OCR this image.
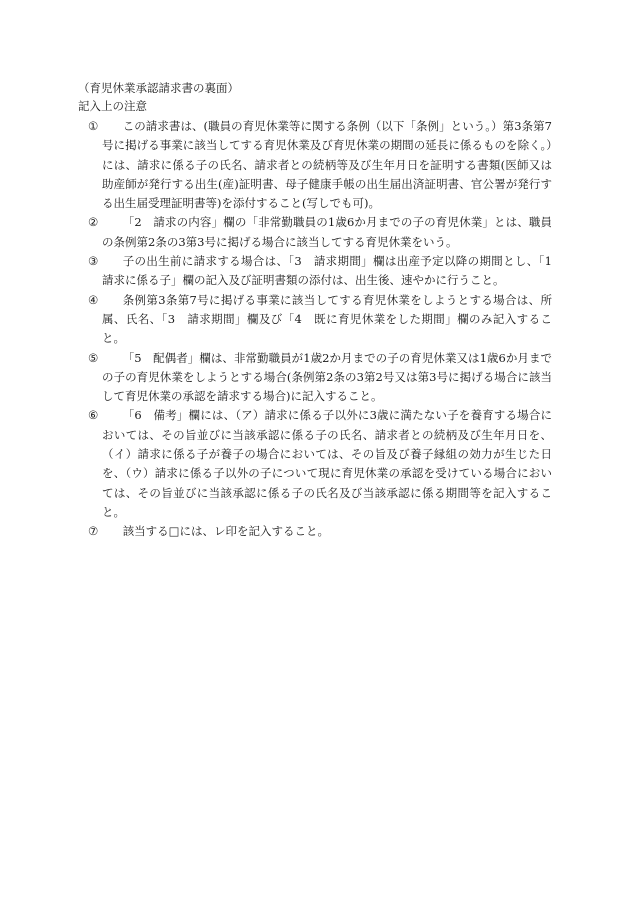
（育児休業承認請求書の裏面）
記入上の注意
①	この請求書は、(職員の育児休業等に関する条例（以下「条例」という。）第3条第7号に掲げる事業に該当してする育児休業及び育児休業の期間の延長に係るものを除く。）には、請求に係る子の氏名、請求者との続柄等及び生年月日を証明する書類(医師又は助産師が発行する出生(産)証明書、母子健康手帳の出生届出済証明書、官公署が発行する出生届受理証明書等)を添付すること(写しでも可)。
②	「2　請求の内容」欄の「非常勤職員の1歳6か月までの子の育児休業」とは、職員の条例第2条の3第3号に掲げる場合に該当してする育児休業をいう。
③	子の出生前に請求する場合は、「3　請求期間」欄は出産予定以降の期間とし、「1　請求に係る子」欄の記入及び証明書類の添付は、出生後、速やかに行うこと。
④	条例第3条第7号に掲げる事業に該当してする育児休業をしようとする場合は、所属、氏名、「3　請求期間」欄及び「4　既に育児休業をした期間」欄のみ記入すること。
⑤	「5　配偶者」欄は、非常勤職員が1歳2か月までの子の育児休業又は1歳6か月までの子の育児休業をしようとする場合(条例第2条の3第2号又は第3号に掲げる場合に該当して育児休業の承認を請求する場合)に記入すること。
⑥	「6　備考」欄には、（ア）請求に係る子以外に3歳に満たない子を養育する場合においては、その旨並びに当該承認に係る子の氏名、請求者との続柄及び生年月日を、（イ）請求に係る子が養子の場合においては、その旨及び養子縁組の効力が生じた日を、（ウ）請求に係る子以外の子について現に育児休業の承認を受けている場合においては、その旨並びに当該承認に係る子の氏名及び当該承認に係る期間等を記入すること。
⑦	該当する□には、レ印を記入すること。
